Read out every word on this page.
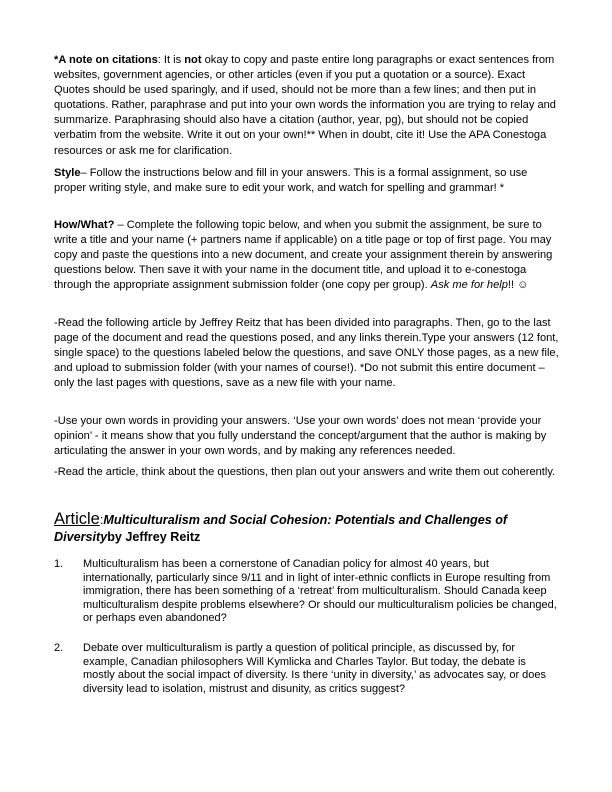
*A note on citations: It is not okay to copy and paste entire long paragraphs or exact sentences from websites, government agencies, or other articles (even if you put a quotation or a source). Exact Quotes should be used sparingly, and if used, should not be more than a few lines; and then put in quotations. Rather, paraphrase and put into your own words the information you are trying to relay and summarize. Paraphrasing should also have a citation (author, year, pg), but should not be copied verbatim from the website. Write it out on your own!** When in doubt, cite it! Use the APA Conestoga resources or ask me for clarification.

Style– Follow the instructions below and fill in your answers. This is a formal assignment, so use proper writing style, and make sure to edit your work, and watch for spelling and grammar! *

How/What? – Complete the following topic below, and when you submit the assignment, be sure to write a title and your name (+ partners name if applicable) on a title page or top of first page. You may copy and paste the questions into a new document, and create your assignment therein by answering questions below. Then save it with your name in the document title, and upload it to e-conestoga through the appropriate assignment submission folder (one copy per group). Ask me for help!! ☺

-Read the following article by Jeffrey Reitz that has been divided into paragraphs. Then, go to the last page of the document and read the questions posed, and any links therein.Type your answers (12 font, single space) to the questions labeled below the questions, and save ONLY those pages, as a new file, and upload to submission folder (with your names of course!). *Do not submit this entire document – only the last pages with questions, save as a new file with your name.

-Use your own words in providing your answers. ‘Use your own words’ does not mean ‘provide your opinion’ - it means show that you fully understand the concept/argument that the author is making by articulating the answer in your own words, and by making any references needed.

-Read the article, think about the questions, then plan out your answers and write them out coherently.

Article:Multiculturalism and Social Cohesion: Potentials and Challenges of Diversityby Jeffrey Reitz
1.	Multiculturalism has been a cornerstone of Canadian policy for almost 40 years, but internationally, particularly since 9/11 and in light of inter-ethnic conflicts in Europe resulting from immigration, there has been something of a ‘retreat’ from multiculturalism. Should Canada keep multiculturalism despite problems elsewhere? Or should our multiculturalism policies be changed, or perhaps even abandoned?
2.	Debate over multiculturalism is partly a question of political principle, as discussed by, for example, Canadian philosophers Will Kymlicka and Charles Taylor. But today, the debate is mostly about the social impact of diversity. Is there ‘unity in diversity,’ as advocates say, or does diversity lead to isolation, mistrust and disunity, as critics suggest?
